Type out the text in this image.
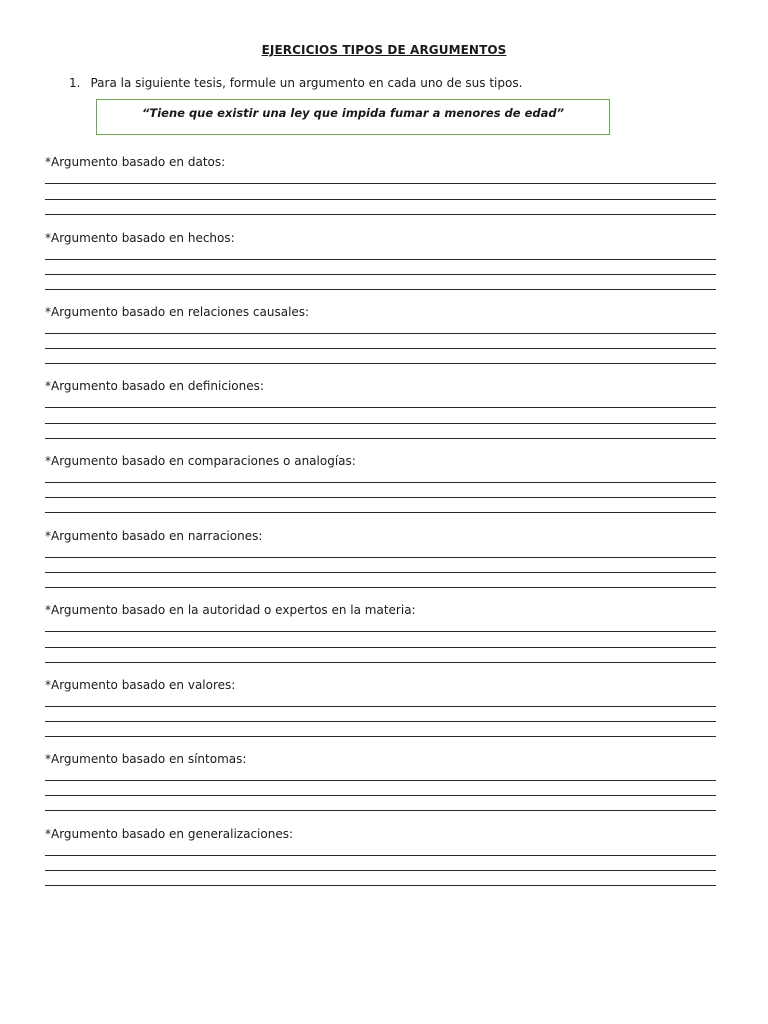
EJERCICIOS TIPOS DE ARGUMENTOS
1. Para la siguiente tesis, formule un argumento en cada uno de sus tipos.
“Tiene que existir una ley que impida fumar a menores de edad”
*Argumento basado en datos:
*Argumento basado en hechos:
*Argumento basado en relaciones causales:
*Argumento basado en definiciones:
*Argumento basado en comparaciones o analogías:
*Argumento basado en narraciones:
*Argumento basado en la autoridad o expertos en la materia:
*Argumento basado en valores:
*Argumento basado en síntomas:
*Argumento basado en generalizaciones:
